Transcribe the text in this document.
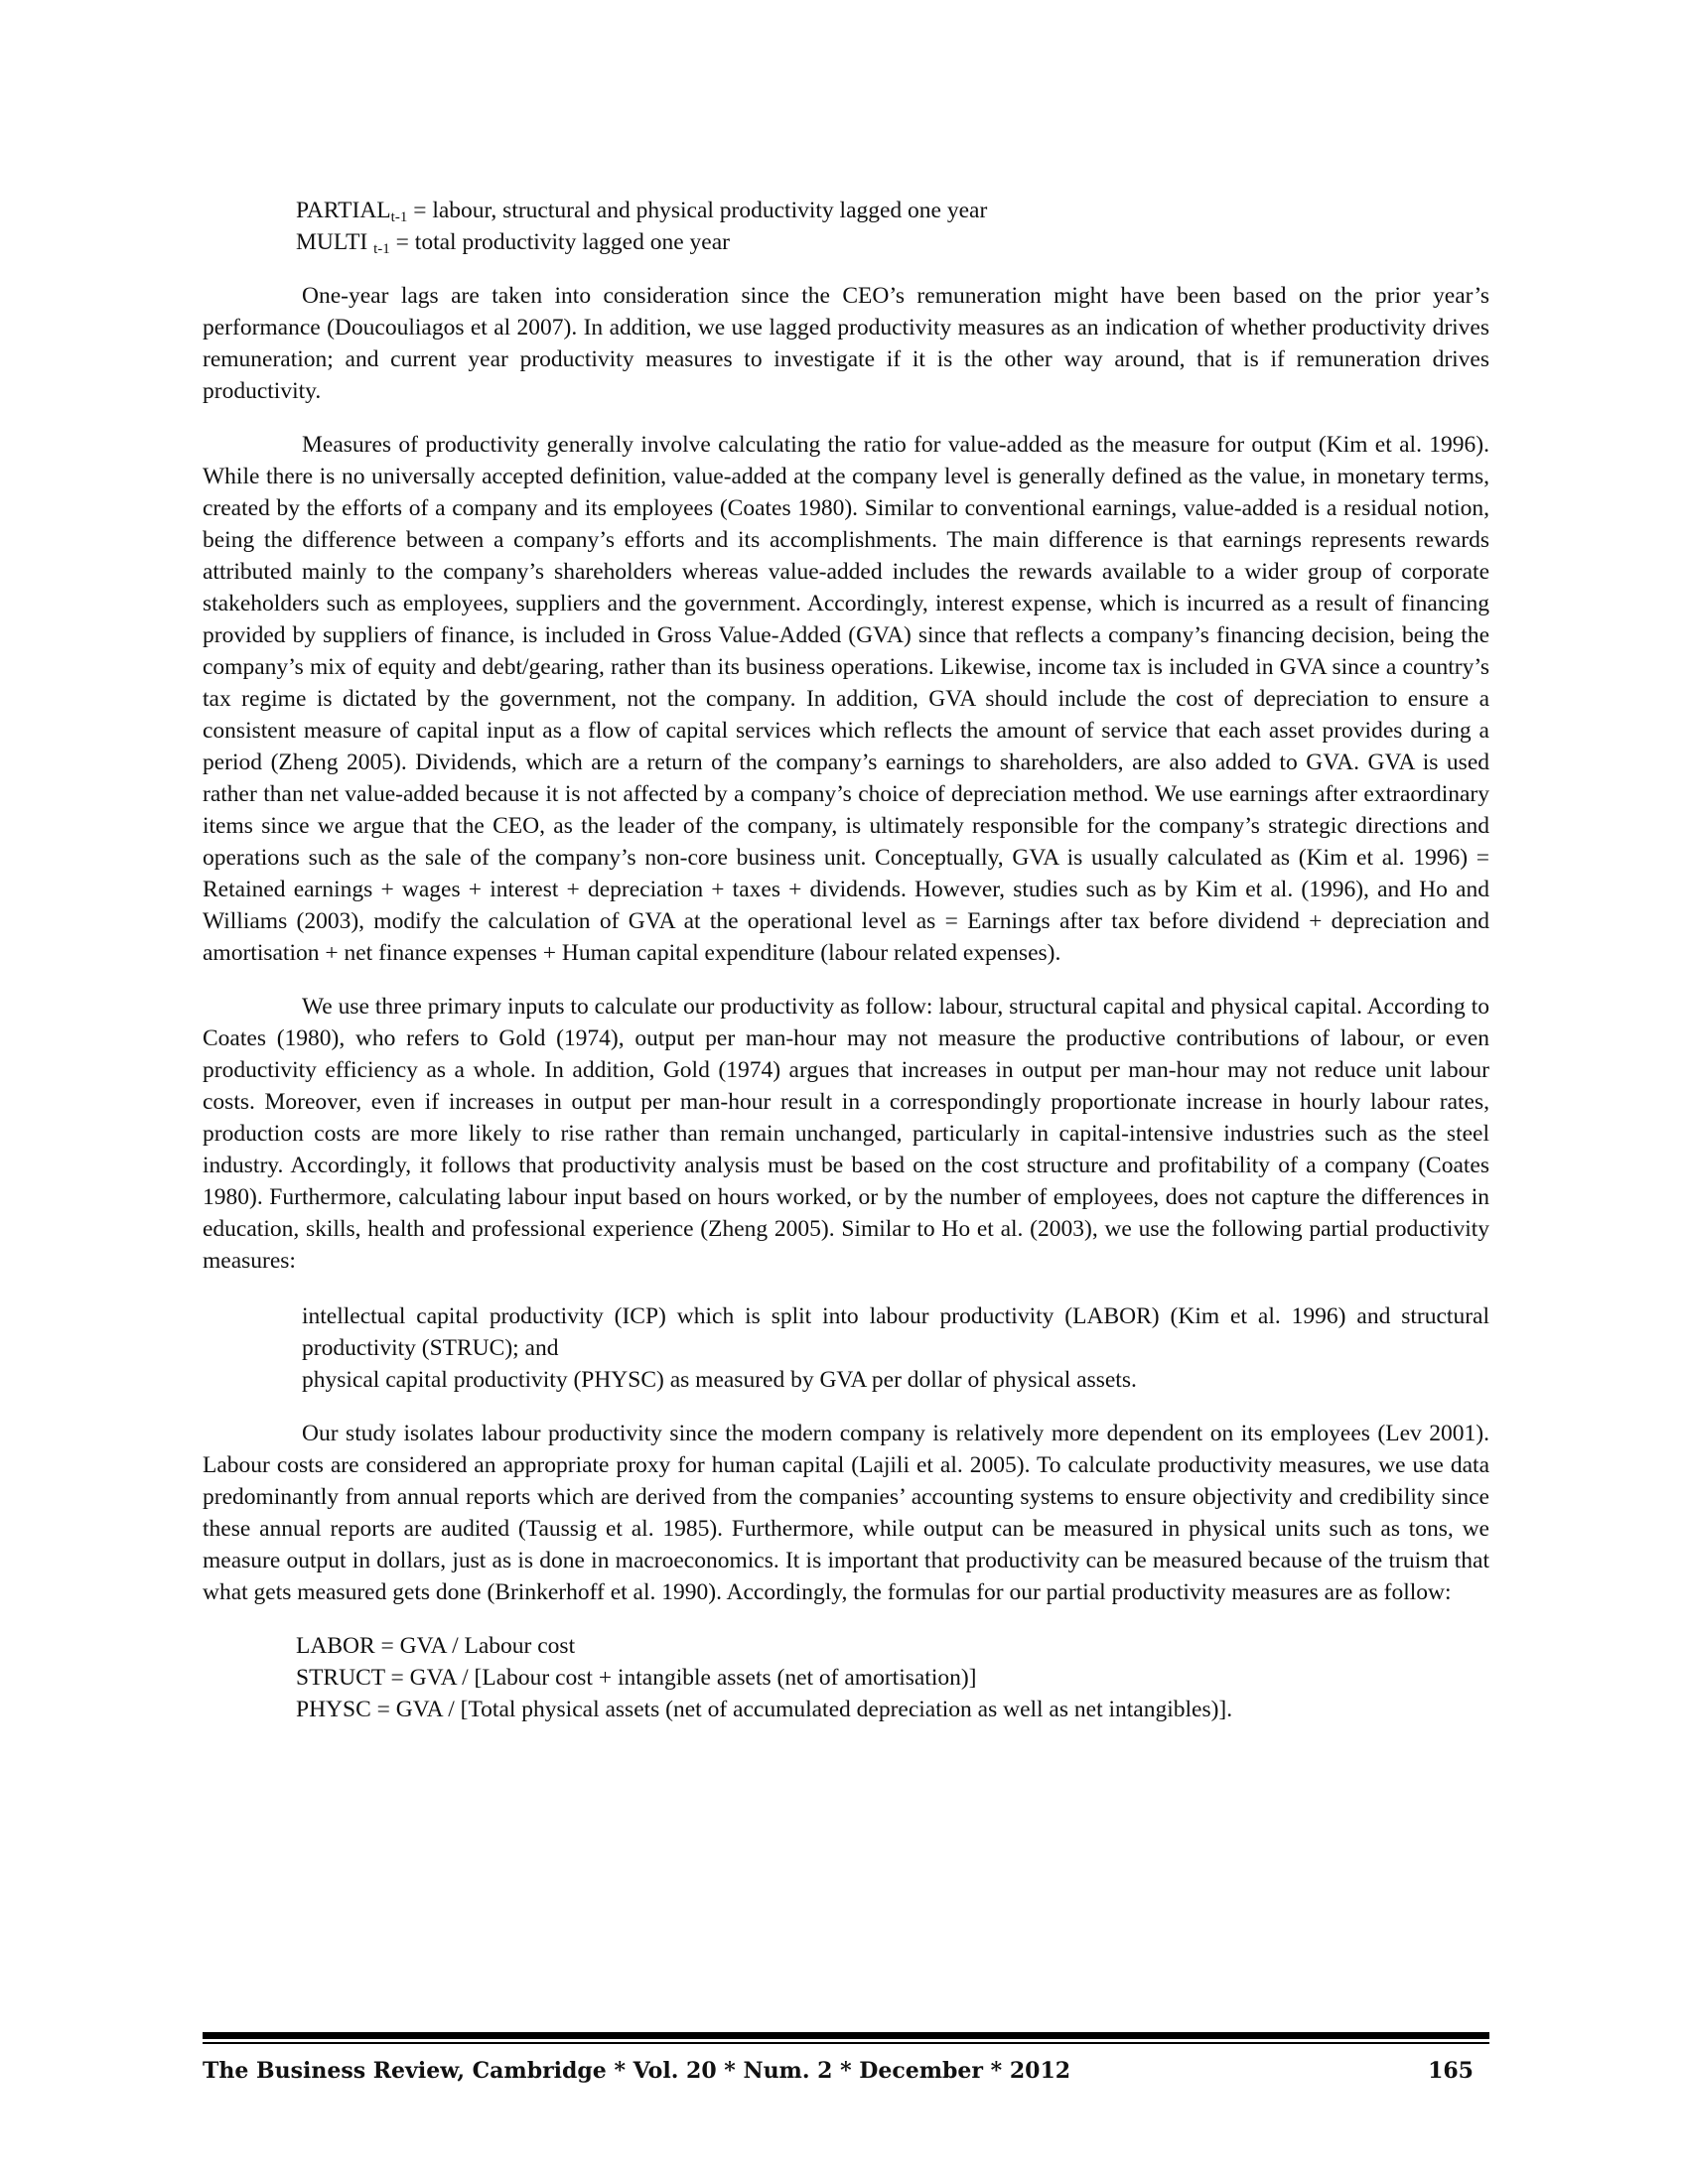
$PARTIAL_{t-1}$ = labour, structural and physical productivity lagged one year
MULTI $_{t-1}$ = total productivity lagged one year

One-year lags are taken into consideration since the CEO’s remuneration might have been based on the prior year’s performance (Doucouliagos et al 2007). In addition, we use lagged productivity measures as an indication of whether productivity drives remuneration; and current year productivity measures to investigate if it is the other way around, that is if remuneration drives productivity.

Measures of productivity generally involve calculating the ratio for value-added as the measure for output (Kim et al. 1996). While there is no universally accepted definition, value-added at the company level is generally defined as the value, in monetary terms, created by the efforts of a company and its employees (Coates 1980). Similar to conventional earnings, value-added is a residual notion, being the difference between a company’s efforts and its accomplishments. The main difference is that earnings represents rewards attributed mainly to the company’s shareholders whereas value-added includes the rewards available to a wider group of corporate stakeholders such as employees, suppliers and the government. Accordingly, interest expense, which is incurred as a result of financing provided by suppliers of finance, is included in Gross Value-Added (GVA) since that reflects a company’s financing decision, being the company’s mix of equity and debt/gearing, rather than its business operations. Likewise, income tax is included in GVA since a country’s tax regime is dictated by the government, not the company. In addition, GVA should include the cost of depreciation to ensure a consistent measure of capital input as a flow of capital services which reflects the amount of service that each asset provides during a period (Zheng 2005). Dividends, which are a return of the company’s earnings to shareholders, are also added to GVA. GVA is used rather than net value-added because it is not affected by a company’s choice of depreciation method. We use earnings after extraordinary items since we argue that the CEO, as the leader of the company, is ultimately responsible for the company’s strategic directions and operations such as the sale of the company’s non-core business unit. Conceptually, GVA is usually calculated as (Kim et al. 1996) = Retained earnings + wages + interest + depreciation + taxes + dividends. However, studies such as by Kim et al. (1996), and Ho and Williams (2003), modify the calculation of GVA at the operational level as = Earnings after tax before dividend + depreciation and amortisation + net finance expenses + Human capital expenditure (labour related expenses).

We use three primary inputs to calculate our productivity as follow: labour, structural capital and physical capital. According to Coates (1980), who refers to Gold (1974), output per man-hour may not measure the productive contributions of labour, or even productivity efficiency as a whole. In addition, Gold (1974) argues that increases in output per man-hour may not reduce unit labour costs. Moreover, even if increases in output per man-hour result in a correspondingly proportionate increase in hourly labour rates, production costs are more likely to rise rather than remain unchanged, particularly in capital-intensive industries such as the steel industry. Accordingly, it follows that productivity analysis must be based on the cost structure and profitability of a company (Coates 1980). Furthermore, calculating labour input based on hours worked, or by the number of employees, does not capture the differences in education, skills, health and professional experience (Zheng 2005). Similar to Ho et al. (2003), we use the following partial productivity measures:

intellectual capital productivity (ICP) which is split into labour productivity (LABOR) (Kim et al. 1996) and structural productivity (STRUC); and
physical capital productivity (PHYSC) as measured by GVA per dollar of physical assets.

Our study isolates labour productivity since the modern company is relatively more dependent on its employees (Lev 2001). Labour costs are considered an appropriate proxy for human capital (Lajili et al. 2005). To calculate productivity measures, we use data predominantly from annual reports which are derived from the companies’ accounting systems to ensure objectivity and credibility since these annual reports are audited (Taussig et al. 1985). Furthermore, while output can be measured in physical units such as tons, we measure output in dollars, just as is done in macroeconomics. It is important that productivity can be measured because of the truism that what gets measured gets done (Brinkerhoff et al. 1990). Accordingly, the formulas for our partial productivity measures are as follow:

LABOR = GVA / Labour cost
STRUCT = GVA / [Labour cost + intangible assets (net of amortisation)]
PHYSC = GVA / [Total physical assets (net of accumulated depreciation as well as net intangibles)].
The Business Review, Cambridge * Vol. 20 * Num. 2 * December * 2012	165
